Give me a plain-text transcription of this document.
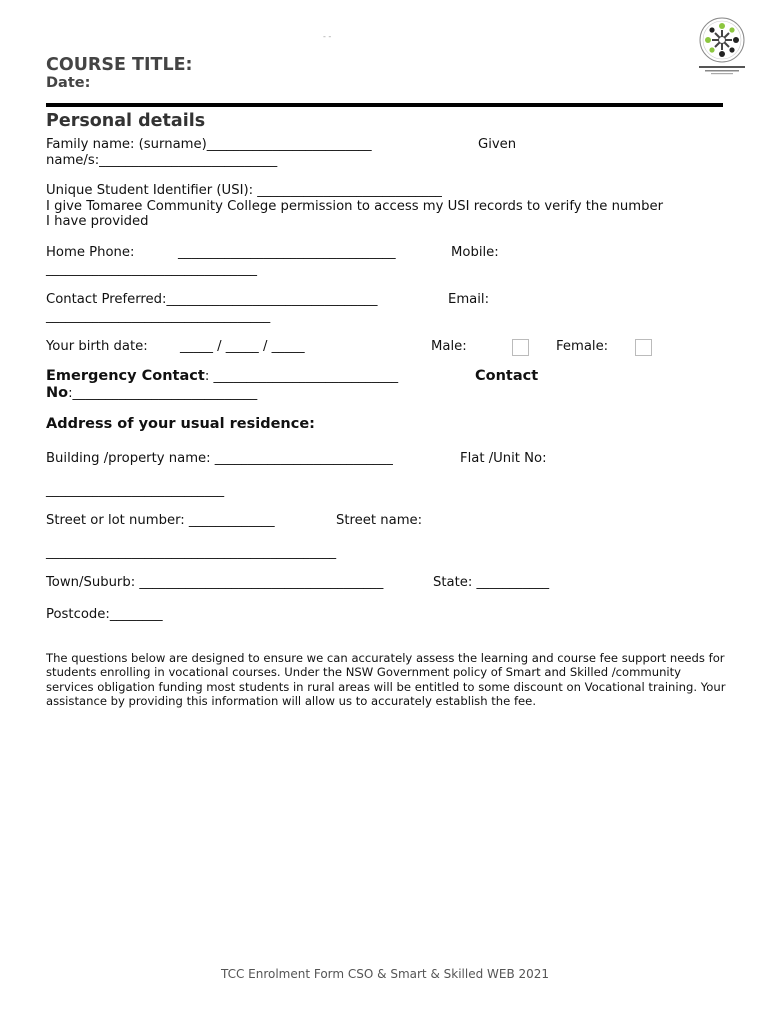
- -
COURSE TITLE:
Date:
Personal details
Family name: (surname)_________________________	Given
name/s:___________________________
Unique Student Identifier (USI): ____________________________
I give Tomaree Community College permission to access my USI records to verify the number
I have provided
Home Phone:	_________________________________	Mobile:
________________________________
Contact Preferred:________________________________	Email:
__________________________________
Your birth date: _____ / _____ / _____	Male:	Female:
Emergency Contact: ____________________________	Contact
No:____________________________
Address of your usual residence:
Building /property name: ___________________________	Flat /Unit No:
___________________________
Street or lot number: _____________	Street name:
____________________________________________
Town/Suburb: _____________________________________	State: ___________
Postcode:________
The questions below are designed to ensure we can accurately assess the learning and course fee support needs for students enrolling in vocational courses. Under the NSW Government policy of Smart and Skilled /community services obligation funding most students in rural areas will be entitled to some discount on Vocational training. Your assistance by providing this information will allow us to accurately establish the fee.
TCC Enrolment Form CSO & Smart & Skilled WEB 2021
